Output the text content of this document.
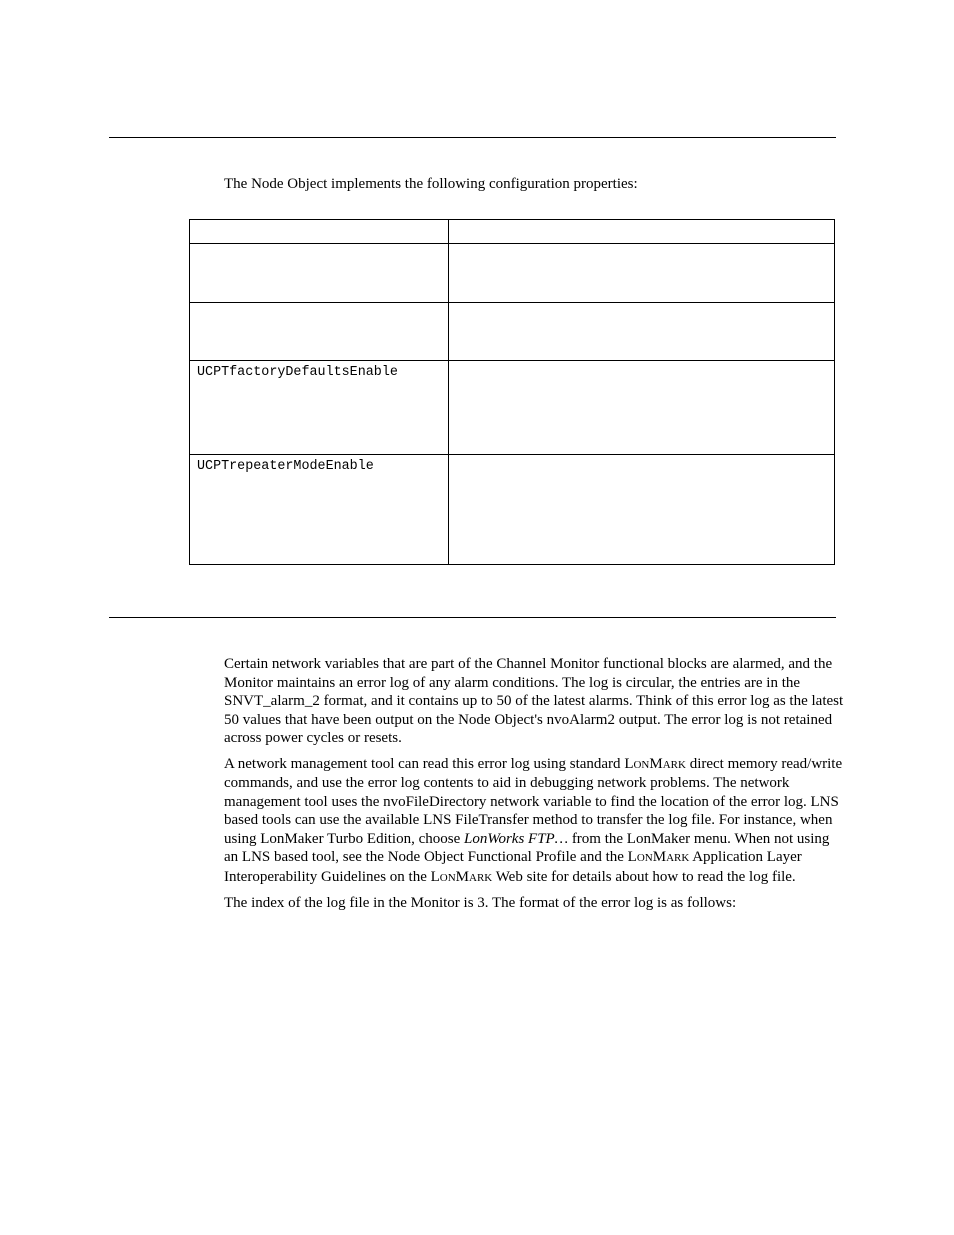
The Node Object implements the following configuration properties:

UCPTfactoryDefaultsEnable	
UCPTrepeaterModeEnable	

Certain network variables that are part of the Channel Monitor functional blocks are alarmed, and the Monitor maintains an error log of any alarm conditions. The log is circular, the entries are in the SNVT_alarm_2 format, and it contains up to 50 of the latest alarms. Think of this error log as the latest 50 values that have been output on the Node Object's nvoAlarm2 output. The error log is not retained across power cycles or resets.

A network management tool can read this error log using standard LONMARK direct memory read/write commands, and use the error log contents to aid in debugging network problems. The network management tool uses the nvoFileDirectory network variable to find the location of the error log. LNS based tools can use the available LNS FileTransfer method to transfer the log file. For instance, when using LonMaker Turbo Edition, choose LonWorks FTP… from the LonMaker menu. When not using an LNS based tool, see the Node Object Functional Profile and the LONMARK Application Layer Interoperability Guidelines on the LONMARK Web site for details about how to read the log file.

The index of the log file in the Monitor is 3. The format of the error log is as follows:
